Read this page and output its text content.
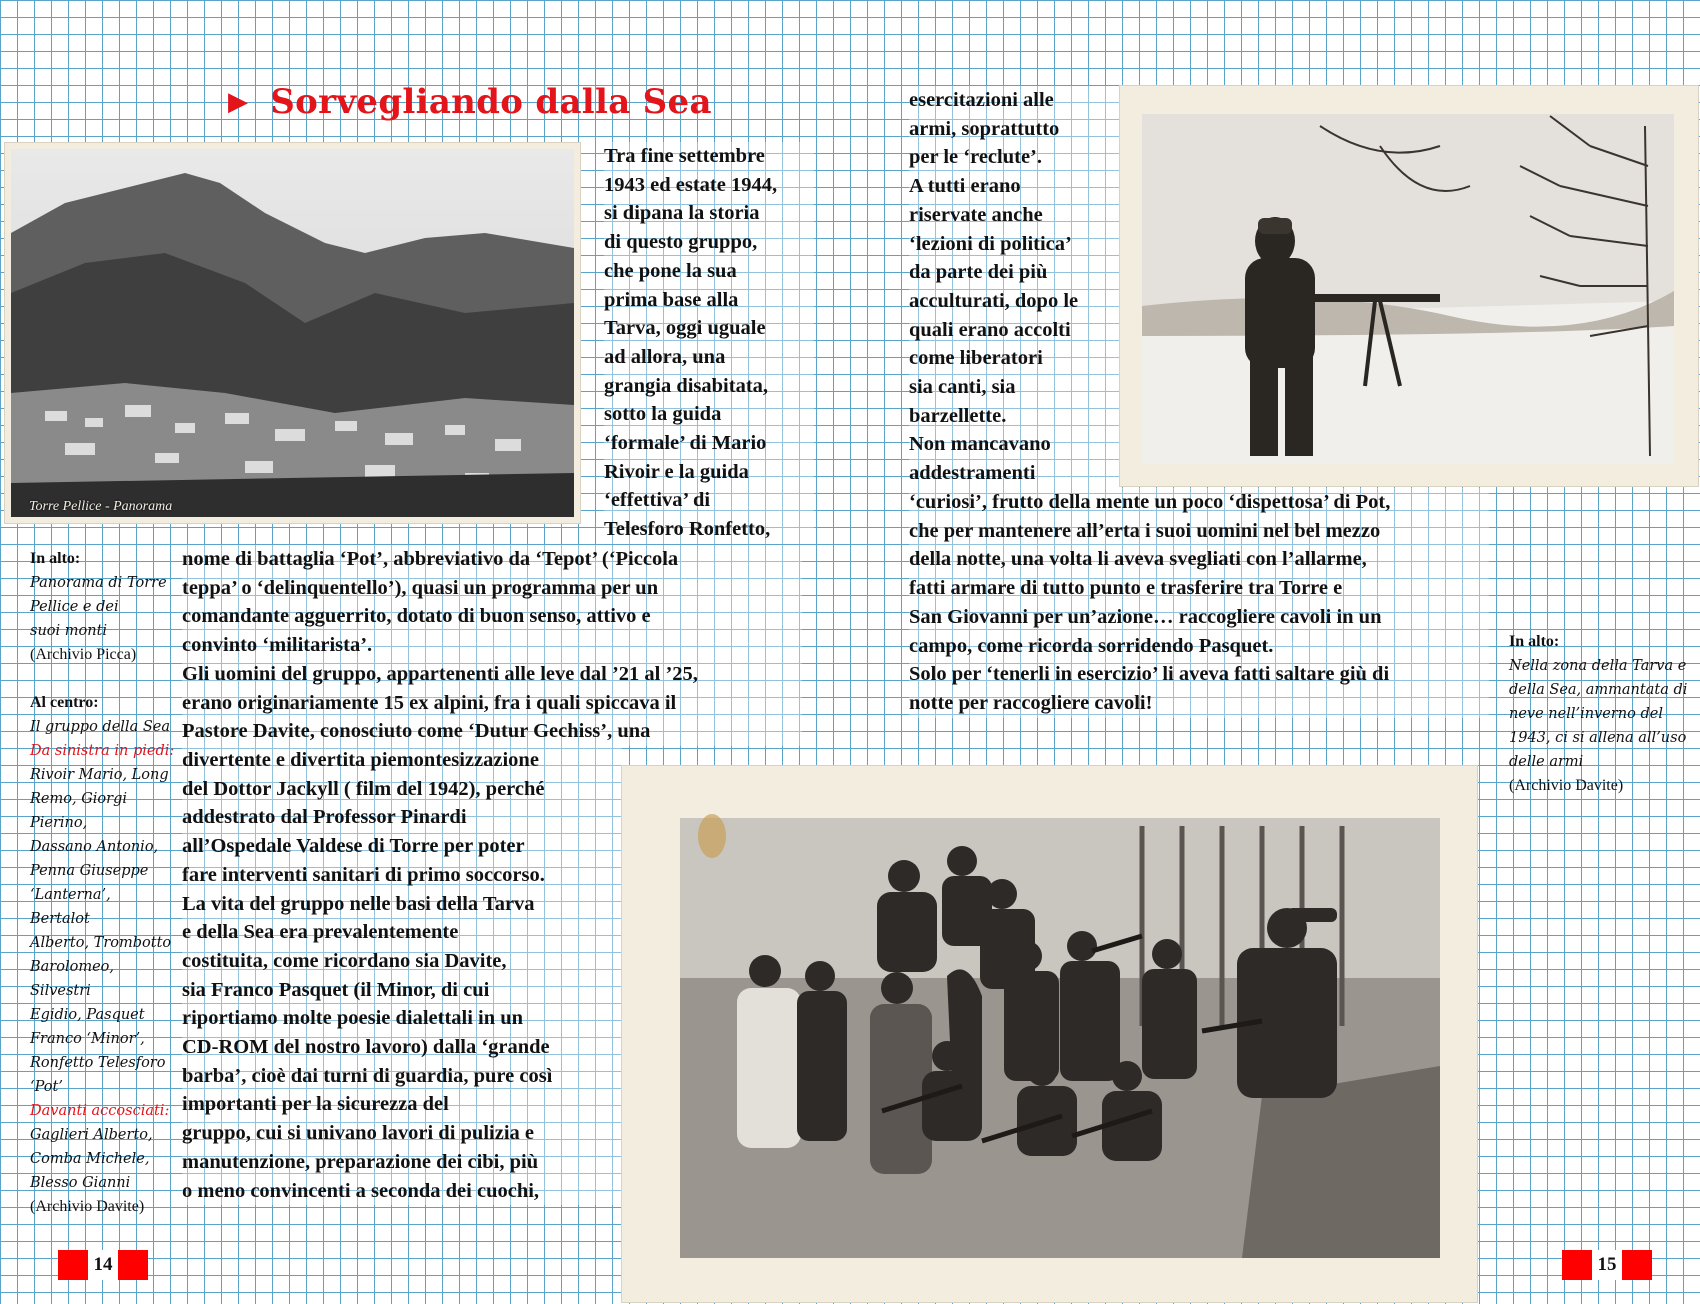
▶ Sorvegliando dalla Sea
Torre Pellice - Panorama

Tra fine settembre

1943 ed estate 1944,

si dipana la storia

di questo gruppo,

che pone la sua

prima base alla

Tarva, oggi uguale

ad allora, una

grangia disabitata,

sotto la guida

‘formale’ di Mario

Rivoir e la guida

‘effettiva’ di

Telesforo Ronfetto,

nome di battaglia ‘Pot’, abbreviativo da ‘Tepot’ (‘Piccola

teppa’ o ‘delinquentello’), quasi un programma per un

comandante agguerrito, dotato di buon senso, attivo e

convinto ‘militarista’.

Gli uomini del gruppo, appartenenti alle leve dal ’21 al ’25,

erano originariamente 15 ex alpini, fra i quali spiccava il

Pastore Davite, conosciuto come ‘Dutur Gechiss’, una

divertente e divertita piemontesizzazione

del Dottor Jackyll ( film del 1942), perché

addestrato dal Professor Pinardi

all’Ospedale Valdese di Torre per poter

fare interventi sanitari di primo soccorso.

La vita del gruppo nelle basi della Tarva

e della Sea era prevalentemente

costituita, come ricordano sia Davite,

sia Franco Pasquet (il Minor, di cui

riportiamo molte poesie dialettali in un

CD-ROM del nostro lavoro) dalla ‘grande

barba’, cioè dai turni di guardia, pure così

importanti per la sicurezza del

gruppo, cui si univano lavori di pulizia e

manutenzione, preparazione dei cibi, più

o meno convincenti a seconda dei cuochi,

esercitazioni alle

armi, soprattutto

per le ‘reclute’.

A tutti erano

riservate anche

‘lezioni di politica’

da parte dei più

acculturati, dopo le

quali erano accolti

come liberatori

sia canti, sia

barzellette.

Non mancavano

addestramenti

‘curiosi’, frutto della mente un poco ‘dispettosa’ di Pot,

che per mantenere all’erta i suoi uomini nel bel mezzo

della notte, una volta li aveva svegliati con l’allarme,

fatti armare di tutto punto e trasferire tra Torre e

San Giovanni per un’azione… raccogliere cavoli in un

campo, come ricorda sorridendo Pasquet.

Solo per ‘tenerli in esercizio’ li aveva fatti saltare giù di

notte per raccogliere cavoli!

In alto:

Panorama di Torre

Pellice e dei

suoi monti

(Archivio Picca)

Al centro:

Il gruppo della Sea

Da sinistra in piedi:

Rivoir Mario, Long

Remo, Giorgi

Pierino,

Dassano Antonio,

Penna Giuseppe

‘Lanterna’, Bertalot

Alberto, Trombotto

Barolomeo, Silvestri

Egidio, Pasquet

Franco ‘Minor’,

Ronfetto Telesforo

‘Pot’

Davanti accosciati:

Gaglieri Alberto,

Comba Michele,

Blesso Gianni

(Archivio Davite)

In alto:

Nella zona della Tarva e

della Sea, ammantata di

neve nell’inverno del

1943, ci si allena all’uso

delle armi

(Archivio Davite)

14	15
